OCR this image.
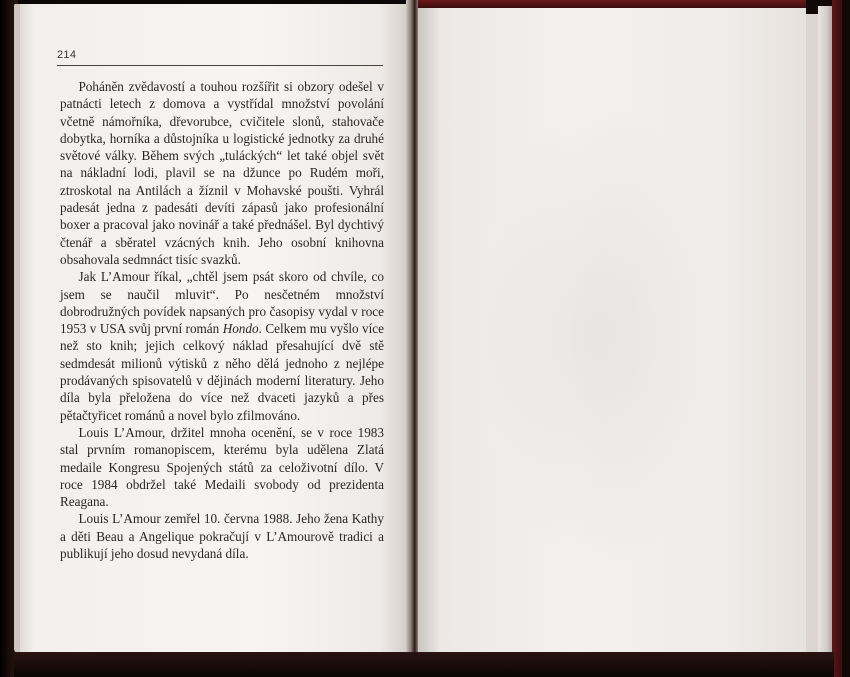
214

Poháněn zvědavostí a touhou rozšířit si obzory odešel v patnácti letech z domova a vystřídal množství povolání včetně námořníka, dřevorubce, cvičitele slonů, stahovače dobytka, horníka a důstojníka u logistické jednotky za druhé světové války. Během svých „tuláckých“ let také objel svět na nákladní lodi, plavil se na džunce po Rudém moři, ztroskotal na Antilách a žíznil v Mohavské poušti. Vyhrál padesát jedna z padesáti devíti zápasů jako profesionální boxer a pracoval jako novinář a také přednášel. Byl dychtivý čtenář a sběratel vzácných knih. Jeho osobní knihovna obsahovala sedmnáct tisíc svazků.

Jak L’Amour říkal, „chtěl jsem psát skoro od chvíle, co jsem se naučil mluvit“. Po nesčetném množství dobrodružných povídek napsaných pro časopisy vydal v roce 1953 v USA svůj první román Hondo. Celkem mu vyšlo více než sto knih; jejich celkový náklad přesahující dvě stě sedmdesát milionů výtisků z něho dělá jednoho z nejlépe prodávaných spisovatelů v dějinách moderní literatury. Jeho díla byla přeložena do více než dvaceti jazyků a přes pětačtyřicet románů a novel bylo zfilmováno.

Louis L’Amour, držitel mnoha ocenění, se v roce 1983 stal prvním romanopiscem, kterému byla udělena Zlatá medaile Kongresu Spojených států za celoživotní dílo. V roce 1984 obdržel také Medaili svobody od prezidenta Reagana.

Louis L’Amour zemřel 10. června 1988. Jeho žena Kathy a děti Beau a Angelique pokračují v L’Amourově tradici a publikují jeho dosud nevydaná díla.
